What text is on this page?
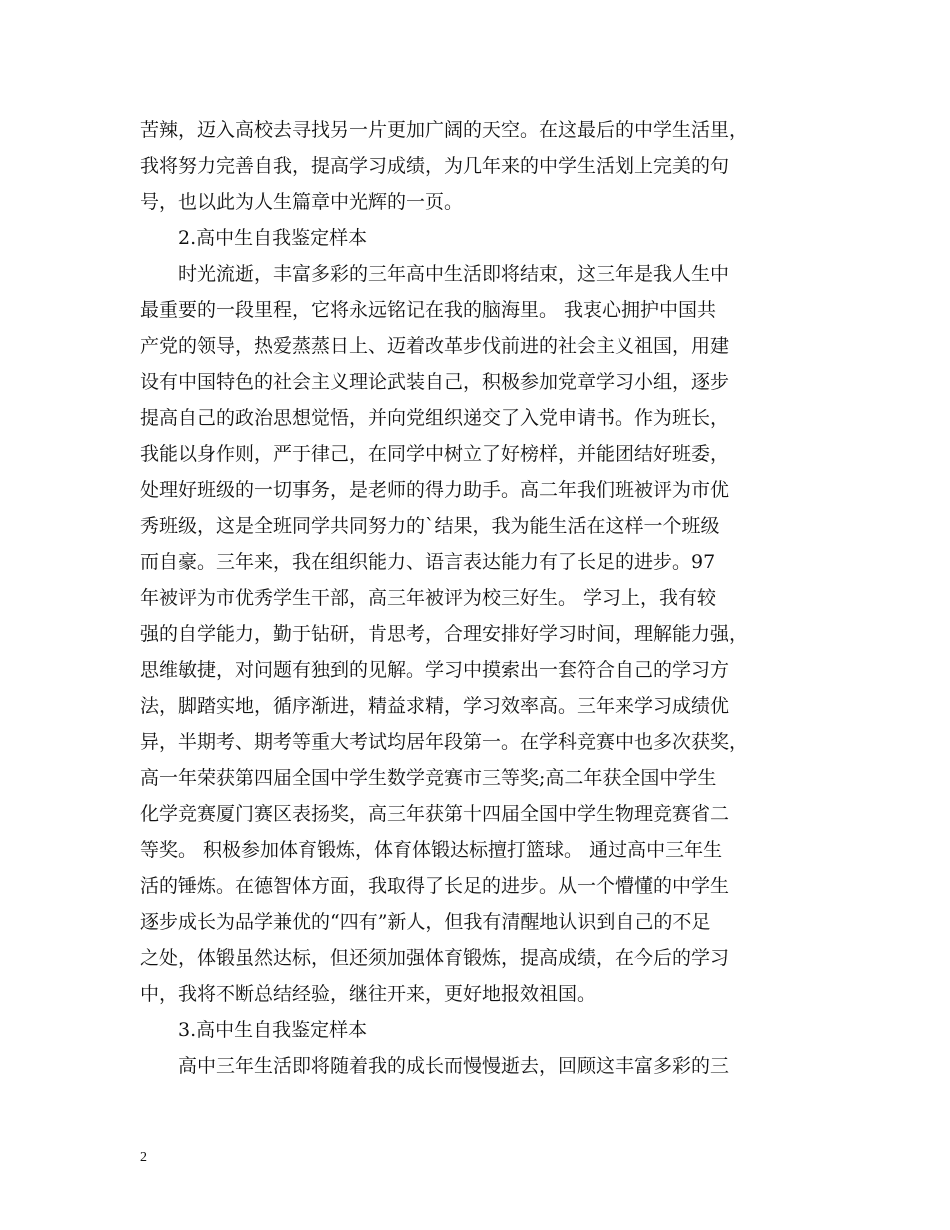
苦辣，迈入高校去寻找另一片更加广阔的天空。在这最后的中学生活里，
我将努力完善自我，提高学习成绩，为几年来的中学生活划上完美的句
号，也以此为人生篇章中光辉的一页。
2.高中生自我鉴定样本
时光流逝，丰富多彩的三年高中生活即将结束，这三年是我人生中
最重要的一段里程，它将永远铭记在我的脑海里。 我衷心拥护中国共
产党的领导，热爱蒸蒸日上、迈着改革步伐前进的社会主义祖国，用建
设有中国特色的社会主义理论武装自己，积极参加党章学习小组，逐步
提高自己的政治思想觉悟，并向党组织递交了入党申请书。作为班长，
我能以身作则，严于律己，在同学中树立了好榜样，并能团结好班委，
处理好班级的一切事务，是老师的得力助手。高二年我们班被评为市优
秀班级，这是全班同学共同努力的`结果，我为能生活在这样一个班级
而自豪。三年来，我在组织能力、语言表达能力有了长足的进步。97
年被评为市优秀学生干部，高三年被评为校三好生。 学习上，我有较
强的自学能力，勤于钻研，肯思考，合理安排好学习时间，理解能力强，
思维敏捷，对问题有独到的见解。学习中摸索出一套符合自己的学习方
法，脚踏实地，循序渐进，精益求精，学习效率高。三年来学习成绩优
异，半期考、期考等重大考试均居年段第一。在学科竞赛中也多次获奖，
高一年荣获第四届全国中学生数学竞赛市三等奖;高二年获全国中学生
化学竞赛厦门赛区表扬奖，高三年获第十四届全国中学生物理竞赛省二
等奖。 积极参加体育锻炼，体育体锻达标擅打篮球。 通过高中三年生
活的锤炼。在德智体方面，我取得了长足的进步。从一个懵懂的中学生
逐步成长为品学兼优的“四有”新人，但我有清醒地认识到自己的不足
之处，体锻虽然达标，但还须加强体育锻炼，提高成绩，在今后的学习
中，我将不断总结经验，继往开来，更好地报效祖国。
3.高中生自我鉴定样本
高中三年生活即将随着我的成长而慢慢逝去，回顾这丰富多彩的三
2
